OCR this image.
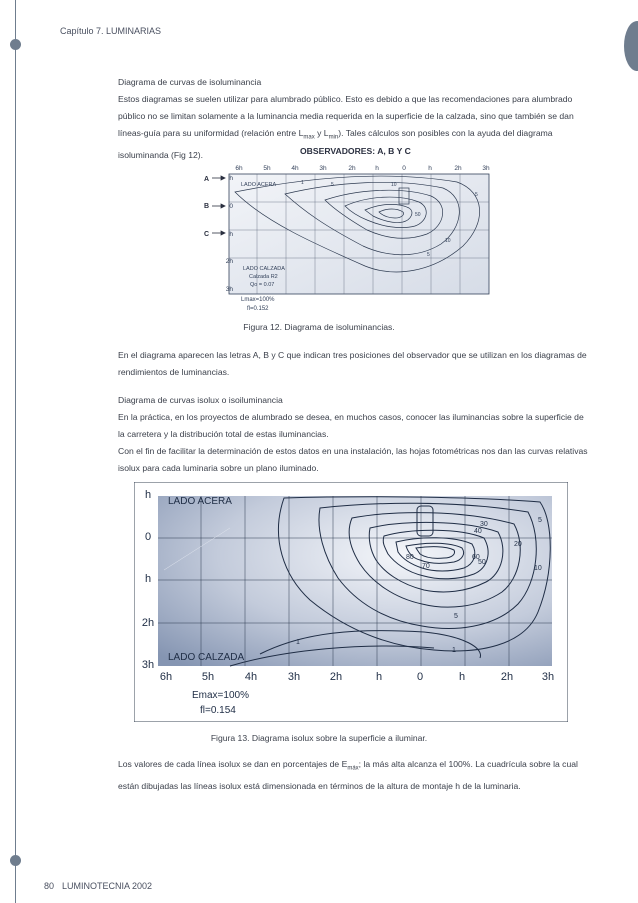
Capítulo 7. LUMINARIAS

Diagrama de curvas de isoluminancia

Estos diagramas se suelen utilizar para alumbrado público. Esto es debido a que las recomendaciones para alumbrado público no se limitan solamente a la luminancia media requerida en la superficie de la calzada, sino que también se dan líneas-guía para su uniformidad (relación entre $L_{max}$ y $L_{min}$). Tales cálculos son posibles con la ayuda del diagrama isoluminanda (Fig 12).	OBSERVADORES: A, B Y C
1	5	10
5
10
50
5
6h	5h	4h	3h	2h	h	0	h	2h	3h
h
0
h
2h
3h
A
B
C
LADO ACERA
LADO CALZADA
Calzada R2
Qo = 0.07
Lmax=100%
fl=0.152
Figura 12. Diagrama de isoluminancias.

En el diagrama aparecen las letras A, B y C que indican tres posiciones del observador que se utilizan en los diagramas de rendimientos de luminancias.

Diagrama de curvas isolux o isoiluminancia

En la práctica, en los proyectos de alumbrado se desea, en muchos casos, conocer las iluminancias sobre la superficie de la carretera y la distribución total de estas iluminancias.

Con el fin de facilitar la determinación de estos datos en una instalación, las hojas fotométricas nos dan las curvas relativas isolux para cada luminaria sobre un plano iluminado.

30
40
5
20
80	60
50
70	10
5
1
1
h
0
h
2h
3h
6h	5h	4h	3h	2h	h	0	h	2h	3h
LADO ACERA
LADO CALZADA
Emax=100%
fl=0.154
Figura 13. Diagrama isolux sobre la superficie a iluminar.

Los valores de cada línea isolux se dan en porcentajes de $E_{máx}$; la más alta alcanza el 100%. La cuadrícula sobre la cual están dibujadas las líneas isolux está dimensionada en términos de la altura de montaje h de la luminaria.

80 LUMINOTECNIA 2002
